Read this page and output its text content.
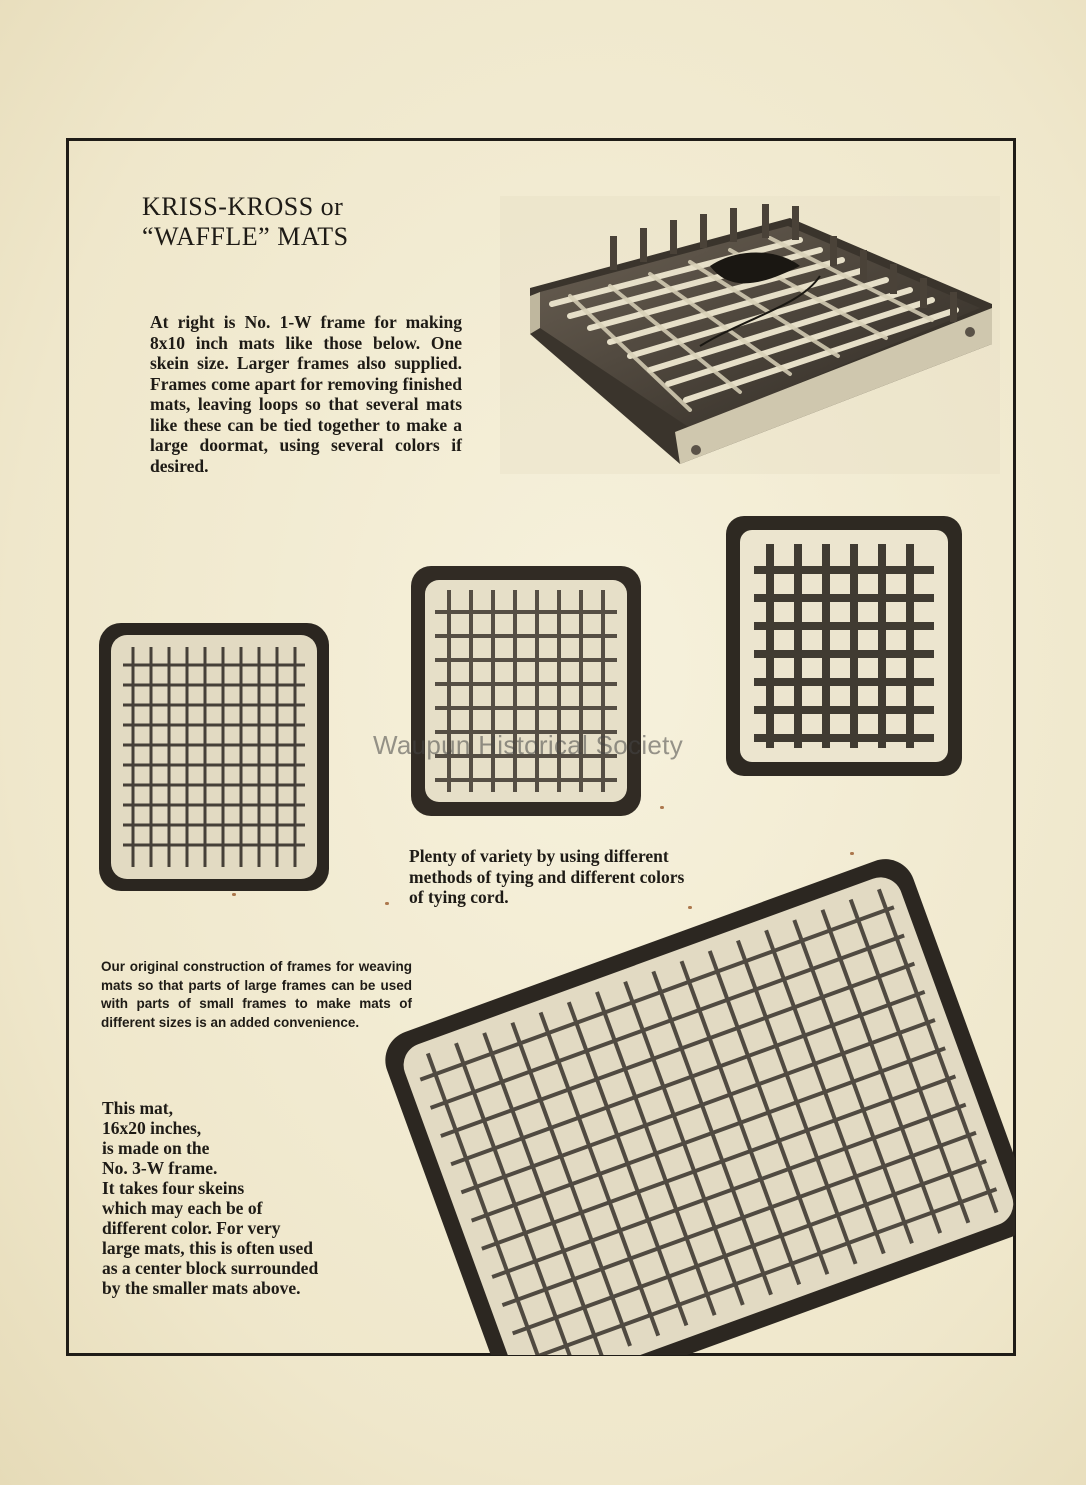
KRISS-KROSS or
“WAFFLE” MATS

At right is No. 1-W frame for making 8x10 inch mats like those below. One skein size. Larger frames also supplied. Frames come apart for removing finished mats, leaving loops so that several mats like these can be tied together to make a large doormat, using several colors if desired.

Plenty of variety by using different methods of tying and different colors of tying cord.

Our original construction of frames for weaving mats so that parts of large frames can be used with parts of small frames to make mats of different sizes is an added convenience.

This mat,
16x20 inches,
is made on the
No. 3-W frame.
It takes four skeins
which may each be of
different color. For very
large mats, this is often used
as a center block surrounded
by the smaller mats above.

Waupun Historical Society
